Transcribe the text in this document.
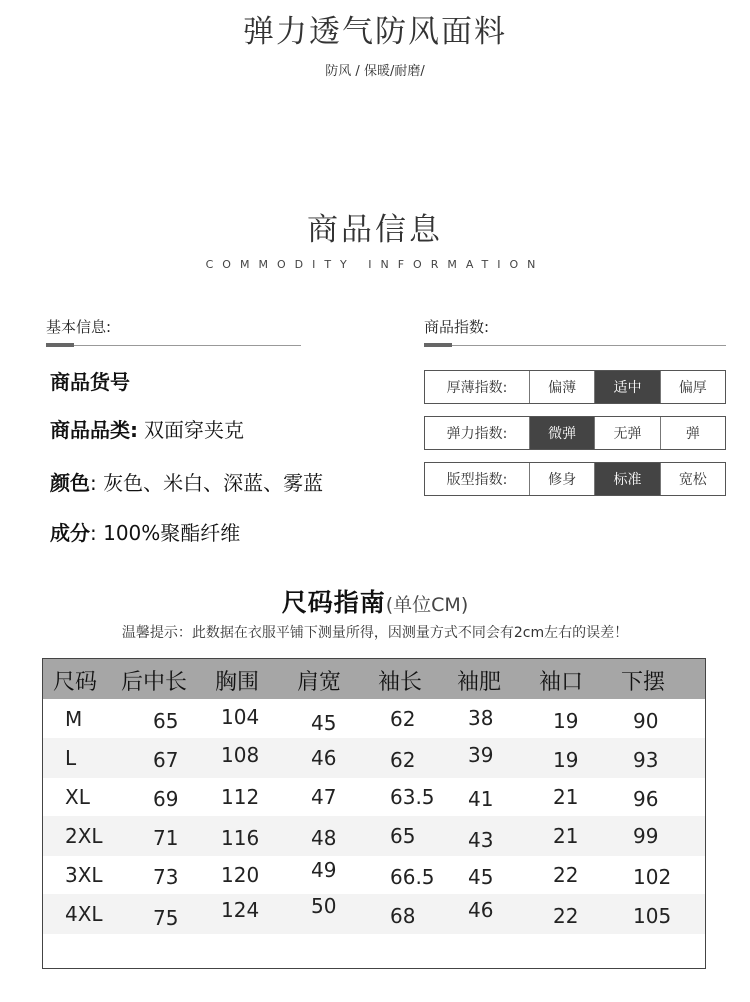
弹力透气防风面料
防风 / 保暖/耐磨/
商品信息
COMMODITY INFORMATION
基本信息:
商品货号
商品品类: 双面穿夹克
颜色: 灰色、米白、深蓝、雾蓝
成分: 100%聚酯纤维
商品指数:
厚薄指数:	偏薄	适中	偏厚
弹力指数:	微弹	无弹	弹
版型指数:	修身	标准	宽松
尺码指南(单位CM)
温馨提示：此数据在衣服平铺下测量所得，因测量方式不同会有2cm左右的误差！
尺码 后中长 胸围 肩宽 袖长 袖肥 袖口 下摆
M	65 104	45	62	38	19	90
L	67 108	46	62	39	19	93
XL	69 112	47	63.5 41	21	96
2XL	71 116	48	65	43	21	99
3XL	73 120	49	66.5 45	22	102
4XL	75 124	50	68	46	22	105
